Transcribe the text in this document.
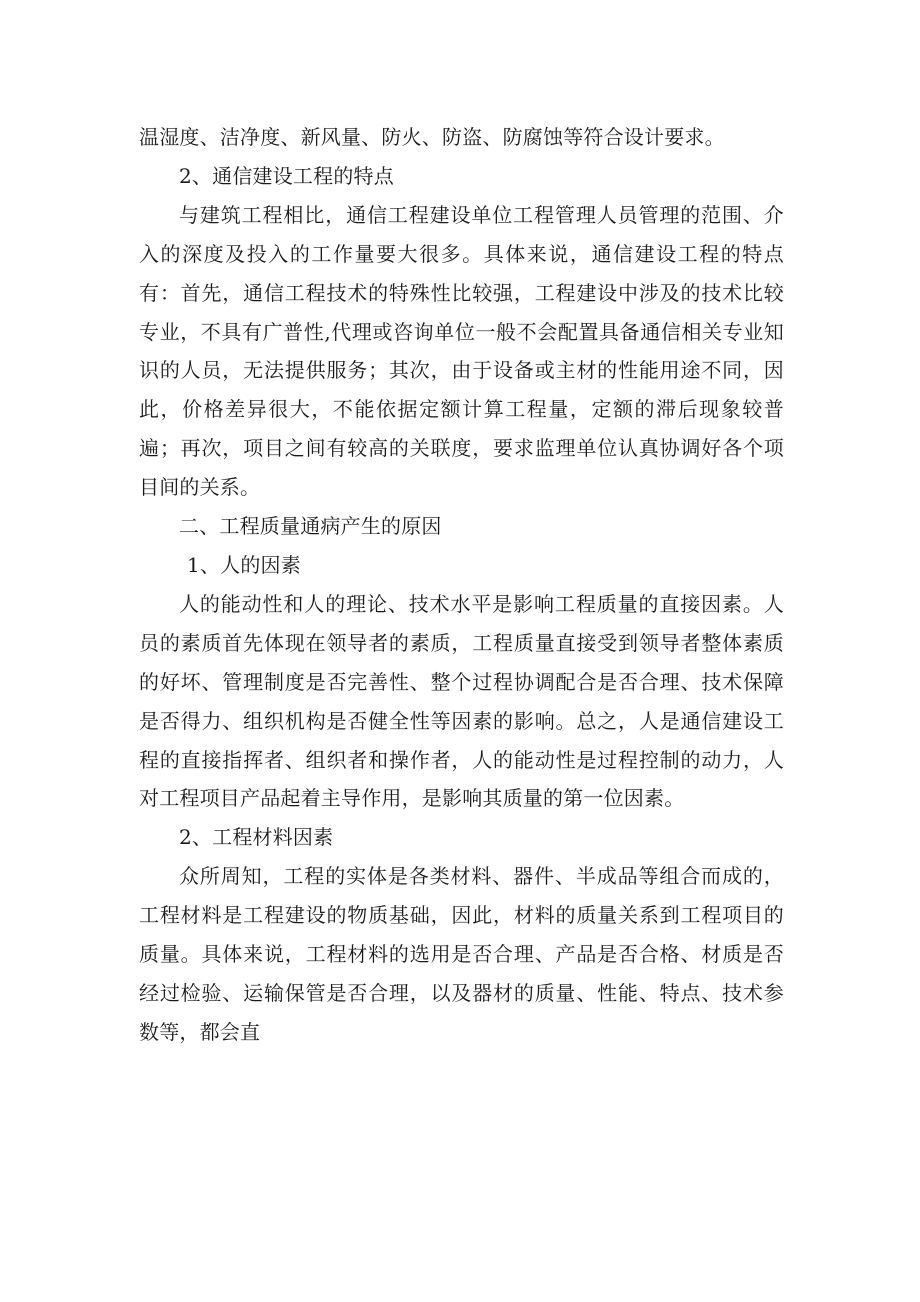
温湿度、洁净度、新风量、防火、防盗、防腐蚀等符合设计要求。

2、通信建设工程的特点

与建筑工程相比，通信工程建设单位工程管理人员管理的范围、介入的深度及投入的工作量要大很多。具体来说，通信建设工程的特点有：首先，通信工程技术的特殊性比较强，工程建设中涉及的技术比较专业，不具有广普性,代理或咨询单位一般不会配置具备通信相关专业知识的人员，无法提供服务；其次，由于设备或主材的性能用途不同，因此，价格差异很大，不能依据定额计算工程量，定额的滞后现象较普遍；再次，项目之间有较高的关联度，要求监理单位认真协调好各个项目间的关系。

二、工程质量通病产生的原因

1、人的因素

人的能动性和人的理论、技术水平是影响工程质量的直接因素。人员的素质首先体现在领导者的素质，工程质量直接受到领导者整体素质的好坏、管理制度是否完善性、整个过程协调配合是否合理、技术保障是否得力、组织机构是否健全性等因素的影响。总之，人是通信建设工程的直接指挥者、组织者和操作者，人的能动性是过程控制的动力，人对工程项目产品起着主导作用，是影响其质量的第一位因素。

2、工程材料因素

众所周知，工程的实体是各类材料、器件、半成品等组合而成的，工程材料是工程建设的物质基础，因此，材料的质量关系到工程项目的质量。具体来说，工程材料的选用是否合理、产品是否合格、材质是否经过检验、运输保管是否合理，以及器材的质量、性能、特点、技术参数等，都会直
